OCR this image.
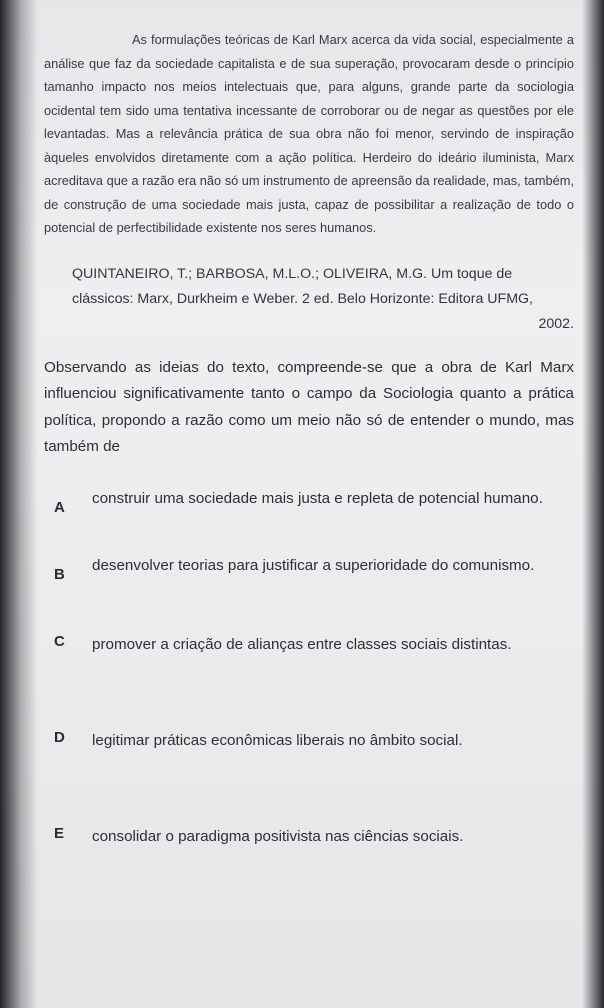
As formulações teóricas de Karl Marx acerca da vida social, especialmente a análise que faz da sociedade capitalista e de sua superação, provocaram desde o princípio tamanho impacto nos meios intelectuais que, para alguns, grande parte da sociologia ocidental tem sido uma tentativa incessante de corroborar ou de negar as questões por ele levantadas. Mas a relevância prática de sua obra não foi menor, servindo de inspiração àqueles envolvidos diretamente com a ação política. Herdeiro do ideário iluminista, Marx acreditava que a razão era não só um instrumento de apreensão da realidade, mas, também, de construção de uma sociedade mais justa, capaz de possibilitar a realização de todo o potencial de perfectibilidade existente nos seres humanos.

QUINTANEIRO, T.; BARBOSA, M.L.O.; OLIVEIRA, M.G. Um toque de clássicos: Marx, Durkheim e Weber. 2 ed. Belo Horizonte: Editora UFMG,
2002.
Observando as ideias do texto, compreende-se que a obra de Karl Marx influenciou significativamente tanto o campo da Sociologia quanto a prática política, propondo a razão como um meio não só de entender o mundo, mas também de
A
construir uma sociedade mais justa e repleta de potencial humano.
B
desenvolver teorias para justificar a superioridade do comunismo.
C	promover a criação de alianças entre classes sociais distintas.
D	legitimar práticas econômicas liberais no âmbito social.
E	consolidar o paradigma positivista nas ciências sociais.
